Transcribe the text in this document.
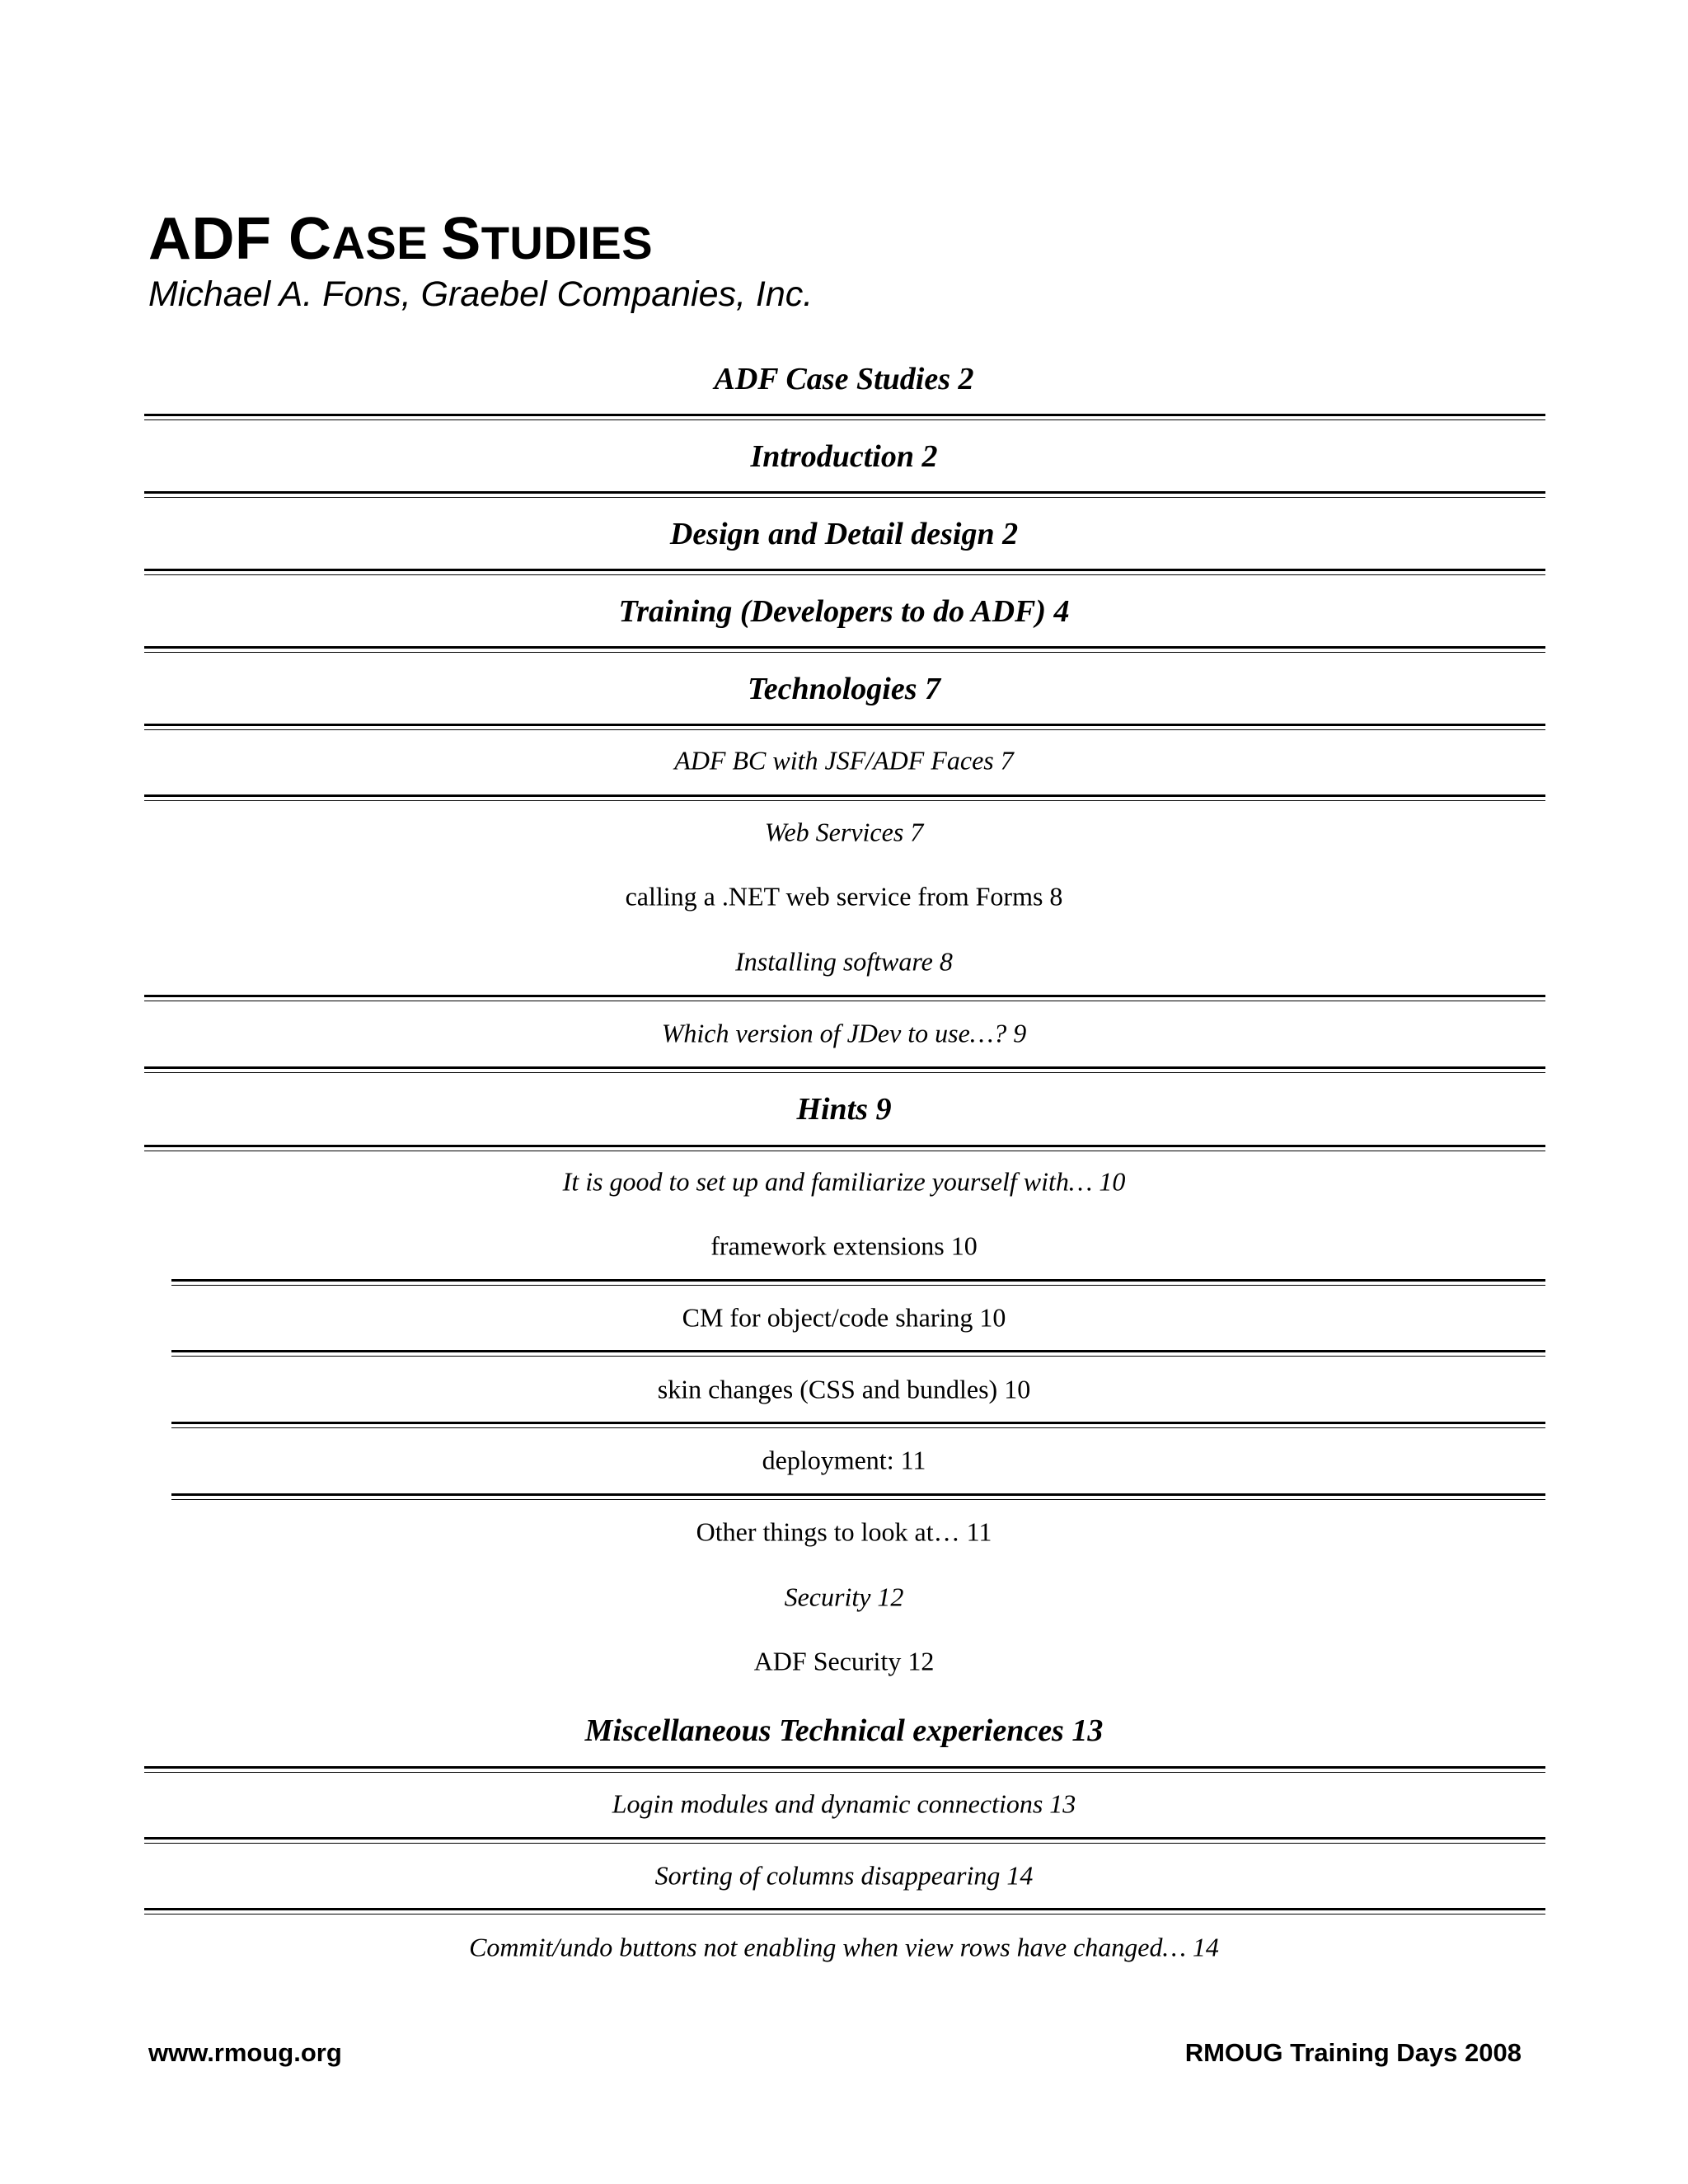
ADF CASE STUDIES
Michael A. Fons, Graebel Companies, Inc.
ADF Case Studies 2
Introduction 2
Design and Detail design 2
Training (Developers to do ADF) 4
Technologies 7
ADF BC with JSF/ADF Faces 7
Web Services 7
calling a .NET web service from Forms 8
Installing software 8
Which version of JDev to use…? 9
Hints 9
It is good to set up and familiarize yourself with… 10
framework extensions 10
CM for object/code sharing 10
skin changes (CSS and bundles) 10
deployment: 11
Other things to look at… 11
Security 12
ADF Security 12
Miscellaneous Technical experiences 13
Login modules and dynamic connections 13
Sorting of columns disappearing 14
Commit/undo buttons not enabling when view rows have changed… 14
www.rmoug.org	RMOUG Training Days 2008
